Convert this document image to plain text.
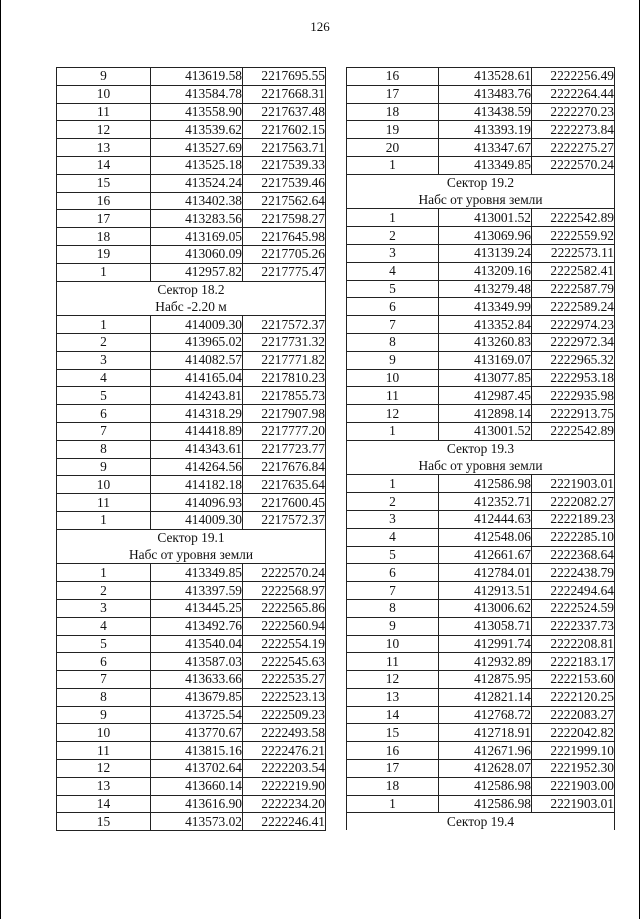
126
9	413619.58	2217695.55
10	413584.78	2217668.31
11	413558.90	2217637.48
12	413539.62	2217602.15
13	413527.69	2217563.71
14	413525.18	2217539.33
15	413524.24	2217539.46
16	413402.38	2217562.64
17	413283.56	2217598.27
18	413169.05	2217645.98
19	413060.09	2217705.26
1	412957.82	2217775.47
Сектор 18.2		
Набс -2.20 м		
1	414009.30	2217572.37
2	413965.02	2217731.32
3	414082.57	2217771.82
4	414165.04	2217810.23
5	414243.81	2217855.73
6	414318.29	2217907.98
7	414418.89	2217777.20
8	414343.61	2217723.77
9	414264.56	2217676.84
10	414182.18	2217635.64
11	414096.93	2217600.45
1	414009.30	2217572.37
Сектор 19.1		
Набс от уровня земли		
1	413349.85	2222570.24
2	413397.59	2222568.97
3	413445.25	2222565.86
4	413492.76	2222560.94
5	413540.04	2222554.19
6	413587.03	2222545.63
7	413633.66	2222535.27
8	413679.85	2222523.13
9	413725.54	2222509.23
10	413770.67	2222493.58
11	413815.16	2222476.21
12	413702.64	2222203.54
13	413660.14	2222219.90
14	413616.90	2222234.20
15	413573.02	2222246.41
16	413528.61	2222256.49
17	413483.76	2222264.44
18	413438.59	2222270.23
19	413393.19	2222273.84
20	413347.67	2222275.27
1	413349.85	2222570.24
Сектор 19.2		
Набс от уровня земли		
1	413001.52	2222542.89
2	413069.96	2222559.92
3	413139.24	2222573.11
4	413209.16	2222582.41
5	413279.48	2222587.79
6	413349.99	2222589.24
7	413352.84	2222974.23
8	413260.83	2222972.34
9	413169.07	2222965.32
10	413077.85	2222953.18
11	412987.45	2222935.98
12	412898.14	2222913.75
1	413001.52	2222542.89
Сектор 19.3		
Набс от уровня земли		
1	412586.98	2221903.01
2	412352.71	2222082.27
3	412444.63	2222189.23
4	412548.06	2222285.10
5	412661.67	2222368.64
6	412784.01	2222438.79
7	412913.51	2222494.64
8	413006.62	2222524.59
9	413058.71	2222337.73
10	412991.74	2222208.81
11	412932.89	2222183.17
12	412875.95	2222153.60
13	412821.14	2222120.25
14	412768.72	2222083.27
15	412718.91	2222042.82
16	412671.96	2221999.10
17	412628.07	2221952.30
18	412586.98	2221903.00
1	412586.98	2221903.01
Сектор 19.4		
